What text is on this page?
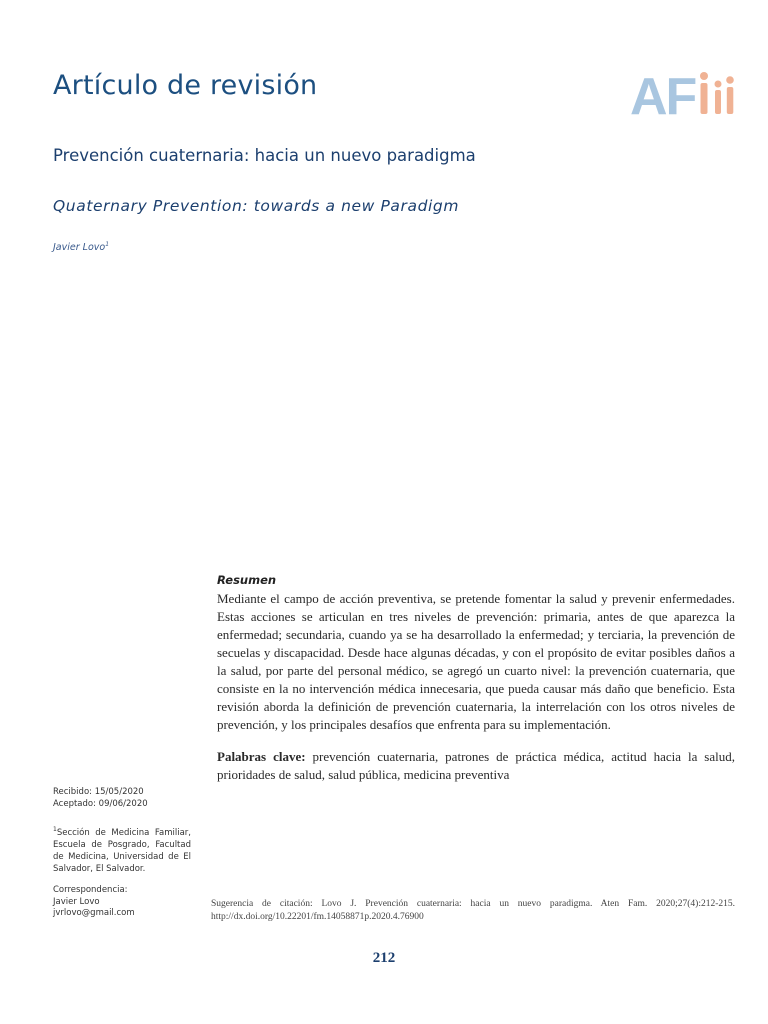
Artículo de revisión	AF
Prevención cuaternaria: hacia un nuevo paradigma
Quaternary Prevention: towards a new Paradigm
Javier Lovo$^1$
Resumen

Mediante el campo de acción preventiva, se pretende fomentar la salud y prevenir enfermedades. Estas acciones se articulan en tres niveles de prevención: primaria, antes de que aparezca la enfermedad; secundaria, cuando ya se ha desarrollado la enfermedad; y terciaria, la prevención de secuelas y discapacidad. Desde hace algunas décadas, y con el propósito de evitar posibles daños a la salud, por parte del personal médico, se agregó un cuarto nivel: la prevención cuaternaria, que consiste en la no intervención médica innecesaria, que pueda causar más daño que beneficio. Esta revisión aborda la definición de prevención cuaternaria, la interrelación con los otros niveles de prevención, y los principales desafíos que enfrenta para su implementación.

Palabras clave: prevención cuaternaria, patrones de práctica médica, actitud hacia la salud, prioridades de salud, salud pública, medicina preventiva
Recibido: 15/05/2020
Aceptado: 09/06/2020
$^1$Sección de Medicina Familiar, Escuela de Posgrado, Facultad de Medicina, Universidad de El Salvador, El Salvador.
Correspondencia:
Javier Lovo
jvrlovo@gmail.com
Sugerencia de citación: Lovo J. Prevención cuaternaria: hacia un nuevo paradigma. Aten Fam. 2020;27(4):212-215. http://dx.doi.org/10.22201/fm.14058871p.2020.4.76900
212
